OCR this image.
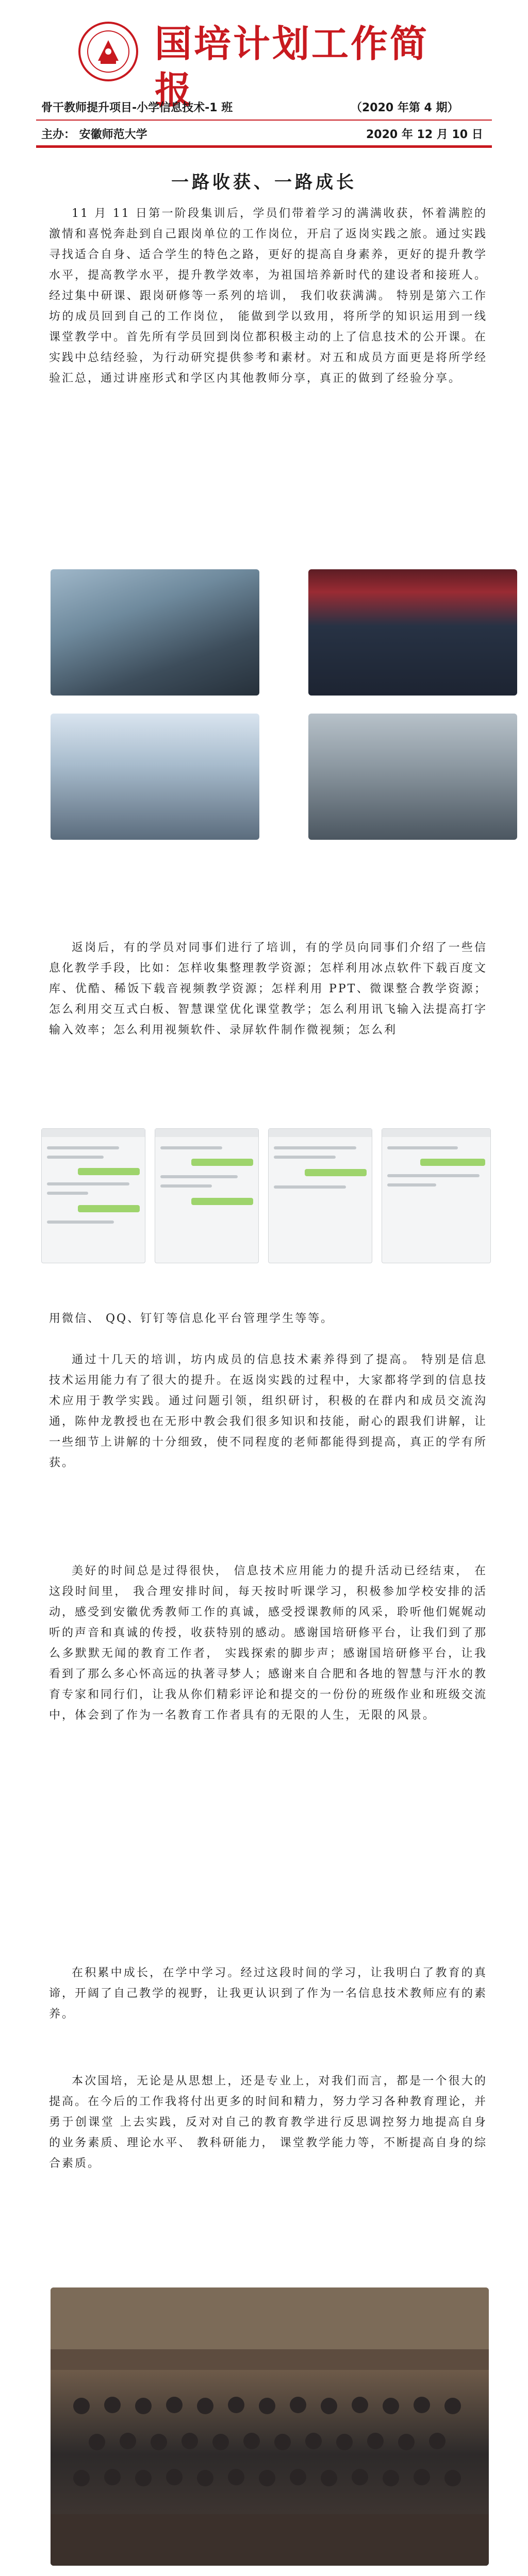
国培计划工作简报
骨干教师提升项目-小学信息技术-1 班	（2020 年第 4 期）
主办： 安徽师范大学	2020 年 12 月 10 日
一路收获、一路成长

11 月 11 日第一阶段集训后，学员们带着学习的满满收获，怀着满腔的激情和喜悦奔赴到自己跟岗单位的工作岗位，开启了返岗实践之旅。通过实践寻找适合自身、适合学生的特色之路，更好的提高自身素养，更好的提升教学水平，提高教学水平，提升教学效率，为祖国培养新时代的建设者和接班人。经过集中研课、跟岗研修等一系列的培训， 我们收获满满。 特别是第六工作坊的成员回到自己的工作岗位， 能做到学以致用，将所学的知识运用到一线课堂教学中。首先所有学员回到岗位都积极主动的上了信息技术的公开课。在实践中总结经验，为行动研究提供参考和素材。对五和成员方面更是将所学经验汇总，通过讲座形式和学区内其他教师分享，真正的做到了经验分享。

返岗后，有的学员对同事们进行了培训，有的学员向同事们介绍了一些信息化教学手段，比如：怎样收集整理教学资源；怎样利用冰点软件下载百度文库、优酷、稀饭下载音视频教学资源；怎样利用 PPT、微课整合教学资源；怎么利用交互式白板、智慧课堂优化课堂教学；怎么利用讯飞输入法提高打字输入效率；怎么利用视频软件、录屏软件制作微视频；怎么利

用微信、 QQ、钉钉等信息化平台管理学生等等。

通过十几天的培训，坊内成员的信息技术素养得到了提高。 特别是信息技术运用能力有了很大的提升。在返岗实践的过程中，大家都将学到的信息技术应用于教学实践。通过问题引领，组织研讨，积极的在群内和成员交流沟通，陈仲龙教授也在无形中教会我们很多知识和技能，耐心的跟我们讲解，让一些细节上讲解的十分细致，使不同程度的老师都能得到提高，真正的学有所获。

美好的时间总是过得很快， 信息技术应用能力的提升活动已经结束， 在这段时间里， 我合理安排时间，每天按时听课学习，积极参加学校安排的活动，感受到安徽优秀教师工作的真诚，感受授课教师的风采，聆听他们娓娓动听的声音和真诚的传授，收获特别的感动。感谢国培研修平台，让我们到了那么多默默无闻的教育工作者， 实践探索的脚步声；感谢国培研修平台，让我看到了那么多心怀高远的执著寻梦人；感谢来自合肥和各地的智慧与汗水的教育专家和同行们，让我从你们精彩评论和提交的一份份的班级作业和班级交流中，体会到了作为一名教育工作者具有的无限的人生，无限的风景。

在积累中成长，在学中学习。经过这段时间的学习，让我明白了教育的真谛，开阔了自己教学的视野，让我更认识到了作为一名信息技术教师应有的素养。

本次国培，无论是从思想上，还是专业上，对我们而言，都是一个很大的提高。在今后的工作我将付出更多的时间和精力，努力学习各种教育理论，并勇于创课堂 上去实践，反对对自己的教育教学进行反思调控努力地提高自身的业务素质、理论水平、 教科研能力， 课堂教学能力等，不断提高自身的综合素质。
